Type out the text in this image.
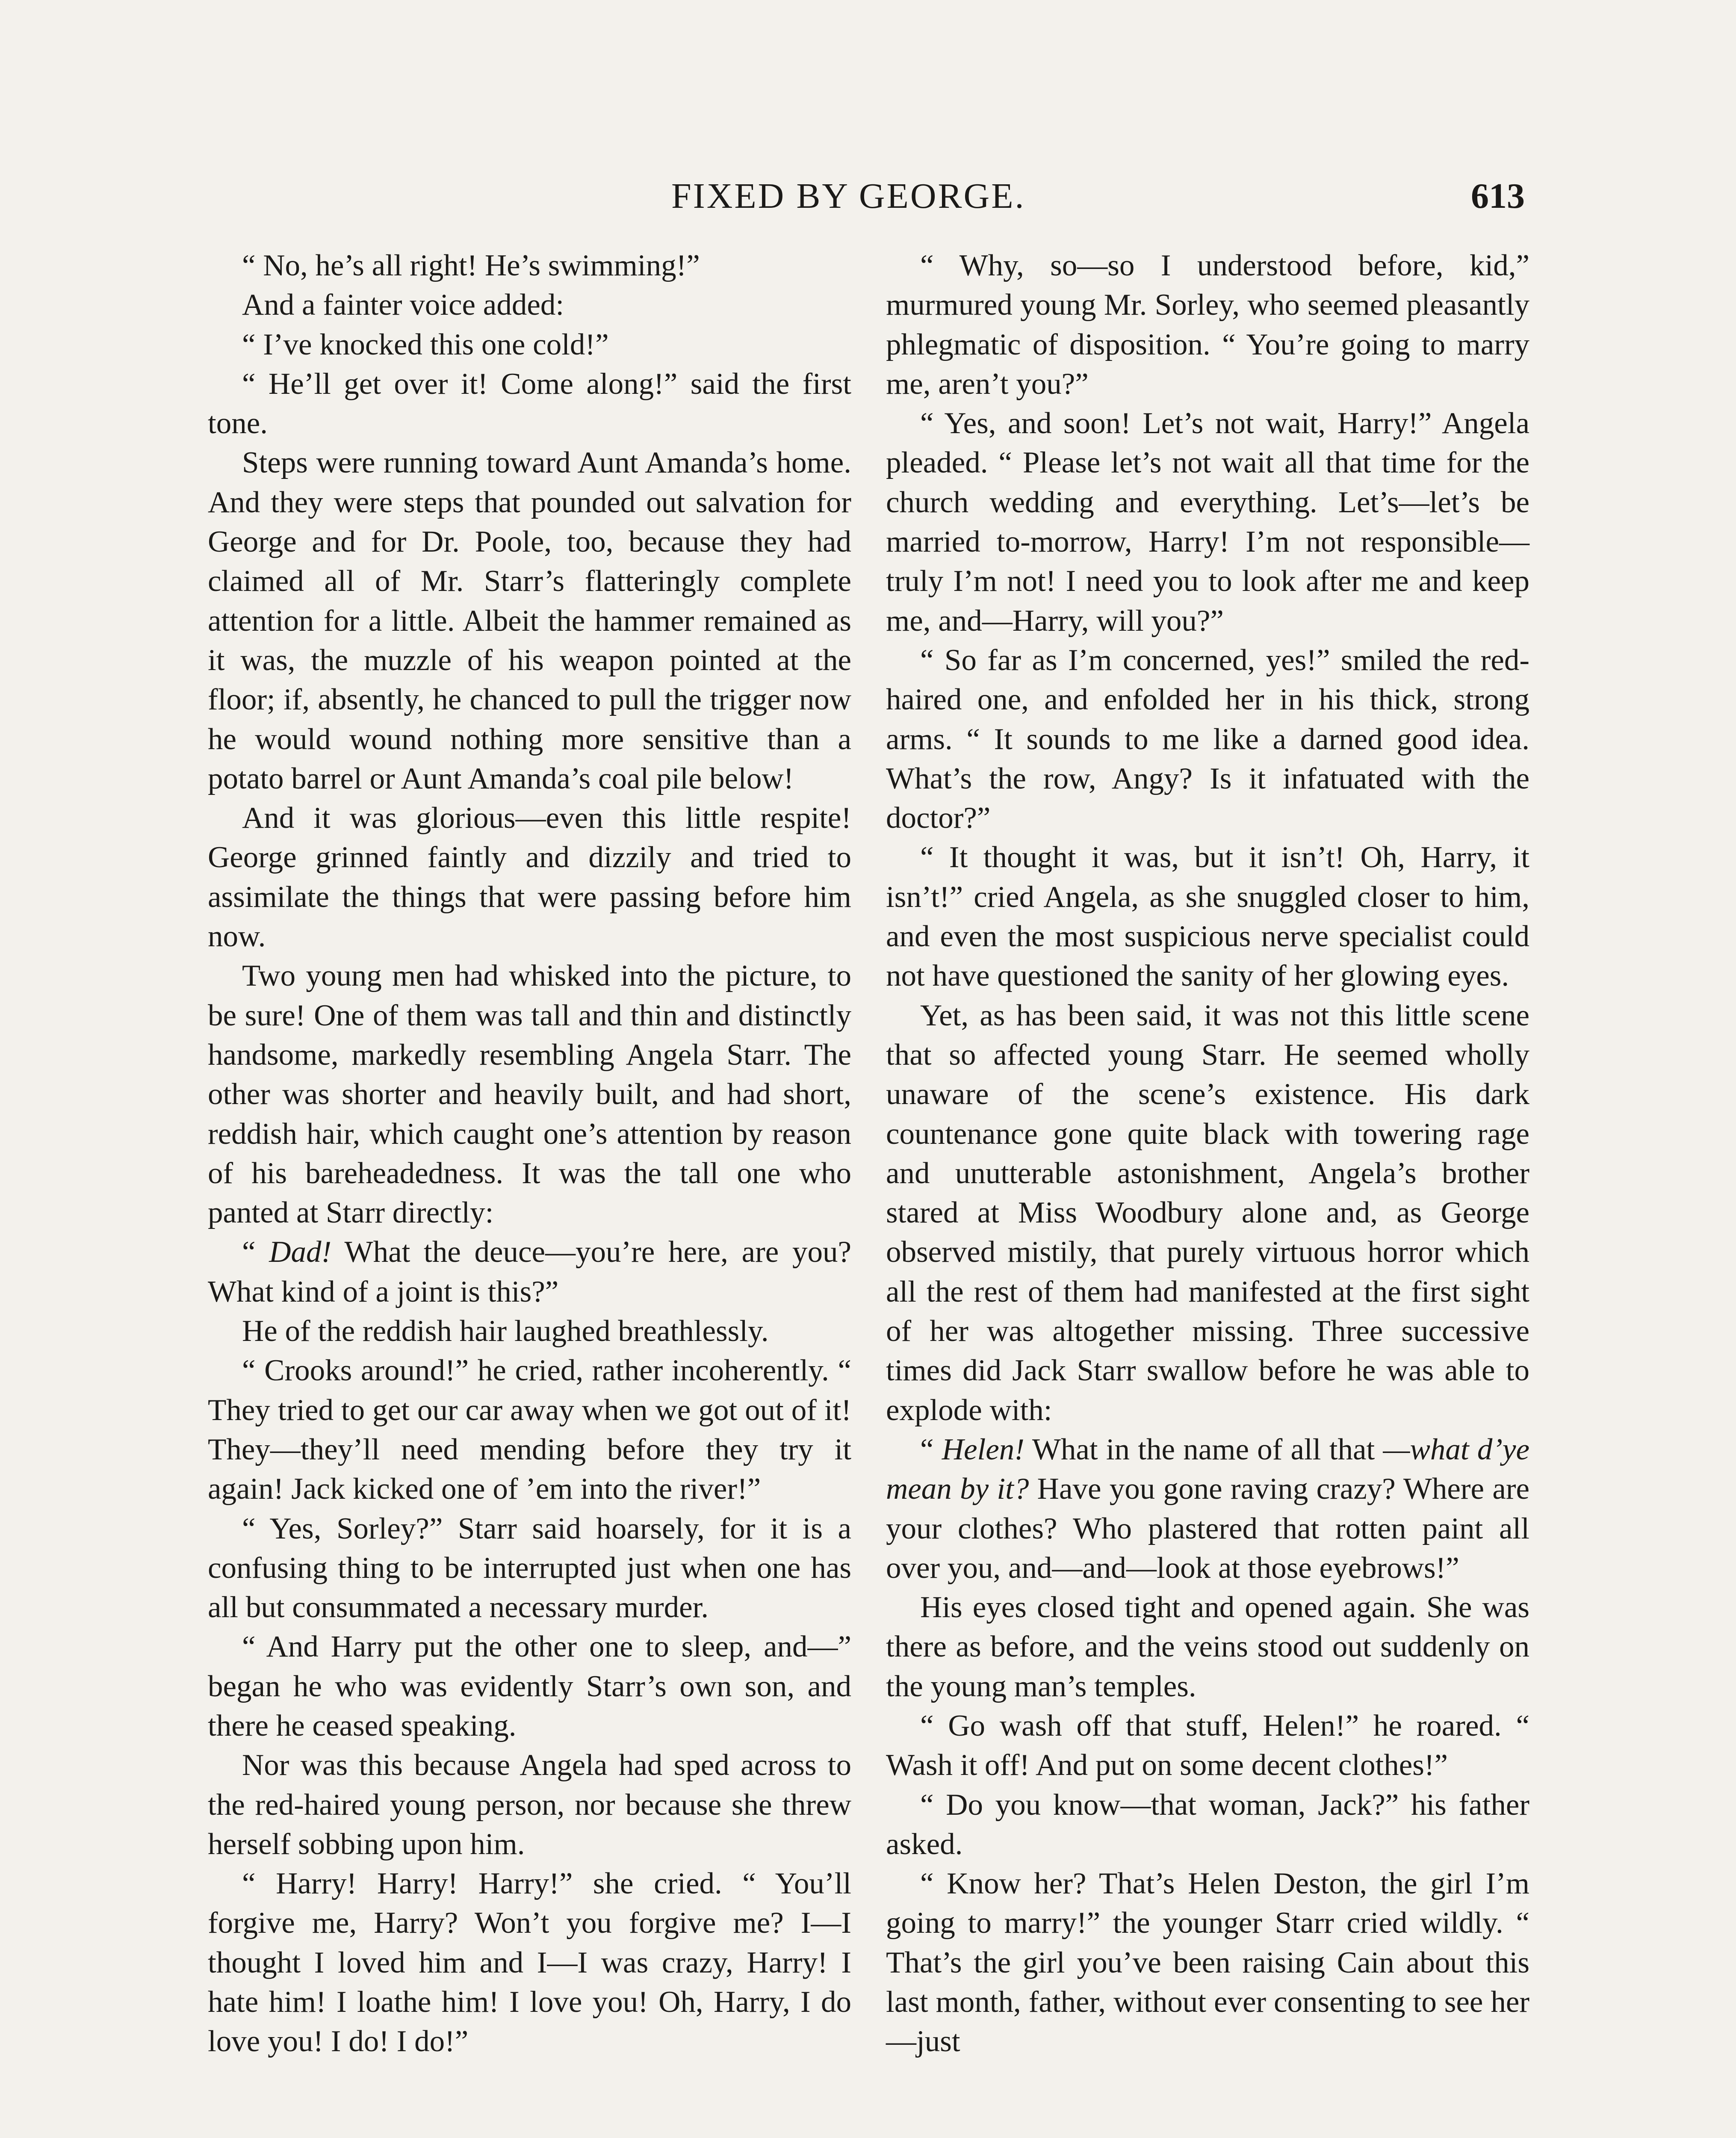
FIXED BY GEORGE.	613

“ No, he’s all right! He’s swimming!”

And a fainter voice added:

“ I’ve knocked this one cold!”

“ He’ll get over it! Come along!” said the first tone.

Steps were running toward Aunt Amanda’s home. And they were steps that pounded out salvation for George and for Dr. Poole, too, because they had claimed all of Mr. Starr’s flatteringly complete attention for a little. Albeit the hammer remained as it was, the muzzle of his weapon pointed at the floor; if, absently, he chanced to pull the trigger now he would wound nothing more sensitive than a potato barrel or Aunt Amanda’s coal pile below!

And it was glorious—even this little respite! George grinned faintly and dizzily and tried to assimilate the things that were passing before him now.

Two young men had whisked into the picture, to be sure! One of them was tall and thin and distinctly handsome, markedly resembling Angela Starr. The other was shorter and heavily built, and had short, reddish hair, which caught one’s attention by reason of his bareheadedness. It was the tall one who panted at Starr directly:

“ Dad! What the deuce—you’re here, are you? What kind of a joint is this?”

He of the reddish hair laughed breathlessly.

“ Crooks around!” he cried, rather incoherently. “ They tried to get our car away when we got out of it! They—they’ll need mending before they try it again! Jack kicked one of ’em into the river!”

“ Yes, Sorley?” Starr said hoarsely, for it is a confusing thing to be interrupted just when one has all but consummated a necessary murder.

“ And Harry put the other one to sleep, and—” began he who was evidently Starr’s own son, and there he ceased speaking.

Nor was this because Angela had sped across to the red-haired young person, nor because she threw herself sobbing upon him.

“ Harry! Harry! Harry!” she cried. “ You’ll forgive me, Harry? Won’t you forgive me? I—I thought I loved him and I—I was crazy, Harry! I hate him! I loathe him! I love you! Oh, Harry, I do love you! I do! I do!”

“ Why, so—so I understood before, kid,” murmured young Mr. Sorley, who seemed pleasantly phlegmatic of disposition. “ You’re going to marry me, aren’t you?”

“ Yes, and soon! Let’s not wait, Harry!” Angela pleaded. “ Please let’s not wait all that time for the church wedding and everything. Let’s—let’s be married to-morrow, Harry! I’m not responsible—truly I’m not! I need you to look after me and keep me, and—Harry, will you?”

“ So far as I’m concerned, yes!” smiled the red-haired one, and enfolded her in his thick, strong arms. “ It sounds to me like a darned good idea. What’s the row, Angy? Is it infatuated with the doctor?”

“ It thought it was, but it isn’t! Oh, Harry, it isn’t!” cried Angela, as she snuggled closer to him, and even the most suspicious nerve specialist could not have questioned the sanity of her glowing eyes.

Yet, as has been said, it was not this little scene that so affected young Starr. He seemed wholly unaware of the scene’s existence. His dark countenance gone quite black with towering rage and unutterable astonishment, Angela’s brother stared at Miss Woodbury alone and, as George observed mistily, that purely virtuous horror which all the rest of them had manifested at the first sight of her was altogether missing. Three successive times did Jack Starr swallow before he was able to explode with:

“ Helen! What in the name of all that —what d’ye mean by it? Have you gone raving crazy? Where are your clothes? Who plastered that rotten paint all over you, and—and—look at those eyebrows!”

His eyes closed tight and opened again. She was there as before, and the veins stood out suddenly on the young man’s temples.

“ Go wash off that stuff, Helen!” he roared. “ Wash it off! And put on some decent clothes!”

“ Do you know—that woman, Jack?” his father asked.

“ Know her? That’s Helen Deston, the girl I’m going to marry!” the younger Starr cried wildly. “ That’s the girl you’ve been raising Cain about this last month, father, without ever consenting to see her—just
